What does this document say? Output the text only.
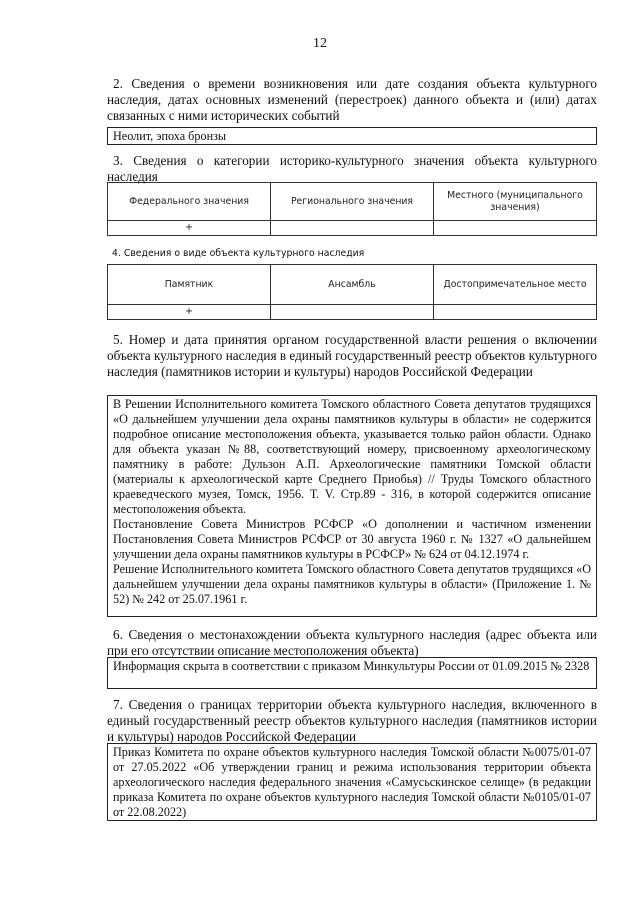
12
2. Сведения о времени возникновения или дате создания объекта культурного наследия, датах основных изменений (перестроек) данного объекта и (или) датах связанных с ними исторических событий
Неолит, эпоха бронзы
3. Сведения о категории историко-культурного значения объекта культурного наследия
Федерального значения	Регионального значения	Местного (муниципального значения)
+		
4. Сведения о виде объекта культурного наследия
Памятник	Ансамбль	Достопримечательное место
+		
5. Номер и дата принятия органом государственной власти решения о включении объекта культурного наследия в единый государственный реестр объектов культурного наследия (памятников истории и культуры) народов Российской Федерации

В Решении Исполнительного комитета Томского областного Совета депутатов трудящихся «О дальнейшем улучшении дела охраны памятников культуры в области» не содержится подробное описание местоположения объекта, указывается только район области. Однако для объекта указан №88, соответствующий номеру, присвоенному археологическому памятнику в работе: Дульзон А.П. Археологические памятники Томской области (материалы к археологической карте Среднего Приобья) // Труды Томского областного краеведческого музея, Томск, 1956. Т. V. Стр.89 - 316, в которой содержится описание местоположения объекта.

Постановление Совета Министров РСФСР «О дополнении и частичном изменении Постановления Совета Министров РСФСР от 30 августа 1960 г. № 1327 «О дальнейшем улучшении дела охраны памятников культуры в РСФСР» № 624 от 04.12.1974 г.

Решение Исполнительного комитета Томского областного Совета депутатов трудящихся «О дальнейшем улучшении дела охраны памятников культуры в области» (Приложение 1. № 52) № 242 от 25.07.1961 г.

6. Сведения о местонахождении объекта культурного наследия (адрес объекта или при его отсутствии описание местоположения объекта)
Информация скрыта в соответствии с приказом Минкультуры России от 01.09.2015 № 2328
7. Сведения о границах территории объекта культурного наследия, включенного в единый государственный реестр объектов культурного наследия (памятников истории и культуры) народов Российской Федерации
Приказ Комитета по охране объектов культурного наследия Томской области №0075/01-07 от 27.05.2022 «Об утверждении границ и режима использования территории объекта археологического наследия федерального значения «Самусьскинское селище» (в редакции приказа Комитета по охране объектов культурного наследия Томской области №0105/01-07 от 22.08.2022)
